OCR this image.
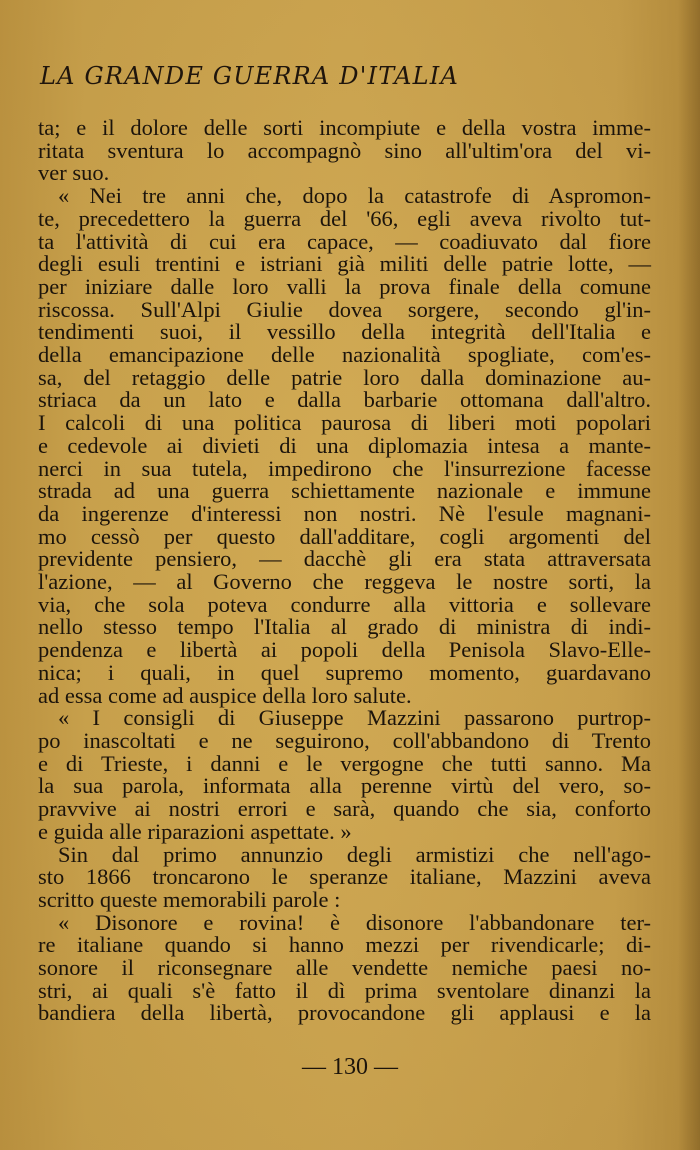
LA GRANDE GUERRA D'ITALIA
ta; e il dolore delle sorti incompiute e della vostra imme-
ritata sventura lo accompagnò sino all'ultim'ora del vi-
ver suo.
« Nei tre anni che, dopo la catastrofe di Aspromon-
te, precedettero la guerra del '66, egli aveva rivolto tut-
ta l'attività di cui era capace, — coadiuvato dal fiore
degli esuli trentini e istriani già militi delle patrie lotte, —
per iniziare dalle loro valli la prova finale della comune
riscossa. Sull'Alpi Giulie dovea sorgere, secondo gl'in-
tendimenti suoi, il vessillo della integrità dell'Italia e
della emancipazione delle nazionalità spogliate, com'es-
sa, del retaggio delle patrie loro dalla dominazione au-
striaca da un lato e dalla barbarie ottomana dall'altro.
I calcoli di una politica paurosa di liberi moti popolari
e cedevole ai divieti di una diplomazia intesa a mante-
nerci in sua tutela, impedirono che l'insurrezione facesse
strada ad una guerra schiettamente nazionale e immune
da ingerenze d'interessi non nostri. Nè l'esule magnani-
mo cessò per questo dall'additare, cogli argomenti del
previdente pensiero, — dacchè gli era stata attraversata
l'azione, — al Governo che reggeva le nostre sorti, la
via, che sola poteva condurre alla vittoria e sollevare
nello stesso tempo l'Italia al grado di ministra di indi-
pendenza e libertà ai popoli della Penisola Slavo-Elle-
nica; i quali, in quel supremo momento, guardavano
ad essa come ad auspice della loro salute.
« I consigli di Giuseppe Mazzini passarono purtrop-
po inascoltati e ne seguirono, coll'abbandono di Trento
e di Trieste, i danni e le vergogne che tutti sanno. Ma
la sua parola, informata alla perenne virtù del vero, so-
pravvive ai nostri errori e sarà, quando che sia, conforto
e guida alle riparazioni aspettate. »
Sin dal primo annunzio degli armistizi che nell'ago-
sto 1866 troncarono le speranze italiane, Mazzini aveva
scritto queste memorabili parole :
« Disonore e rovina! è disonore l'abbandonare ter-
re italiane quando si hanno mezzi per rivendicarle; di-
sonore il riconsegnare alle vendette nemiche paesi no-
stri, ai quali s'è fatto il dì prima sventolare dinanzi la
bandiera della libertà, provocandone gli applausi e la
— 130 —
